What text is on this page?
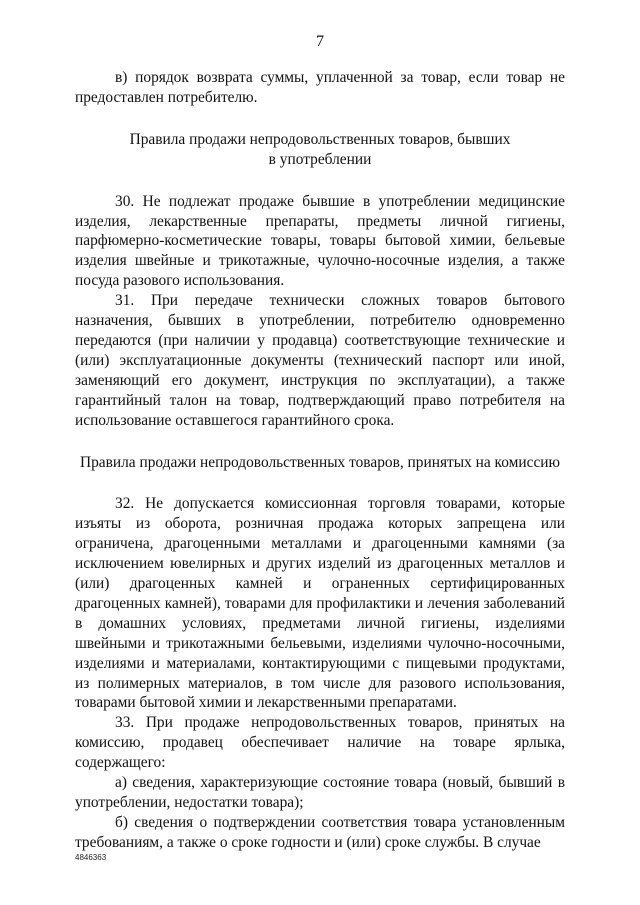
7

в) порядок возврата суммы, уплаченной за товар, если товар не предоставлен потребителю.

Правила продажи непродовольственных товаров, бывших
в употреблении

30. Не подлежат продаже бывшие в употреблении медицинские изделия, лекарственные препараты, предметы личной гигиены, парфюмерно-косметические товары, товары бытовой химии, бельевые изделия швейные и трикотажные, чулочно-носочные изделия, а также посуда разового использования.

31. При передаче технически сложных товаров бытового назначения, бывших в употреблении, потребителю одновременно передаются (при наличии у продавца) соответствующие технические и (или) эксплуатационные документы (технический паспорт или иной, заменяющий его документ, инструкция по эксплуатации), а также гарантийный талон на товар, подтверждающий право потребителя на использование оставшегося гарантийного срока.

Правила продажи непродовольственных товаров, принятых на комиссию

32. Не допускается комиссионная торговля товарами, которые изъяты из оборота, розничная продажа которых запрещена или ограничена, драгоценными металлами и драгоценными камнями (за исключением ювелирных и других изделий из драгоценных металлов и (или) драгоценных камней и ограненных сертифицированных драгоценных камней), товарами для профилактики и лечения заболеваний в домашних условиях, предметами личной гигиены, изделиями швейными и трикотажными бельевыми, изделиями чулочно-носочными, изделиями и материалами, контактирующими с пищевыми продуктами, из полимерных материалов, в том числе для разового использования, товарами бытовой химии и лекарственными препаратами.

33. При продаже непродовольственных товаров, принятых на комиссию, продавец обеспечивает наличие на товаре ярлыка, содержащего:

а) сведения, характеризующие состояние товара (новый, бывший в употреблении, недостатки товара);

б) сведения о подтверждении соответствия товара установленным требованиям, а также о сроке годности и (или) сроке службы. В случае

4846363
